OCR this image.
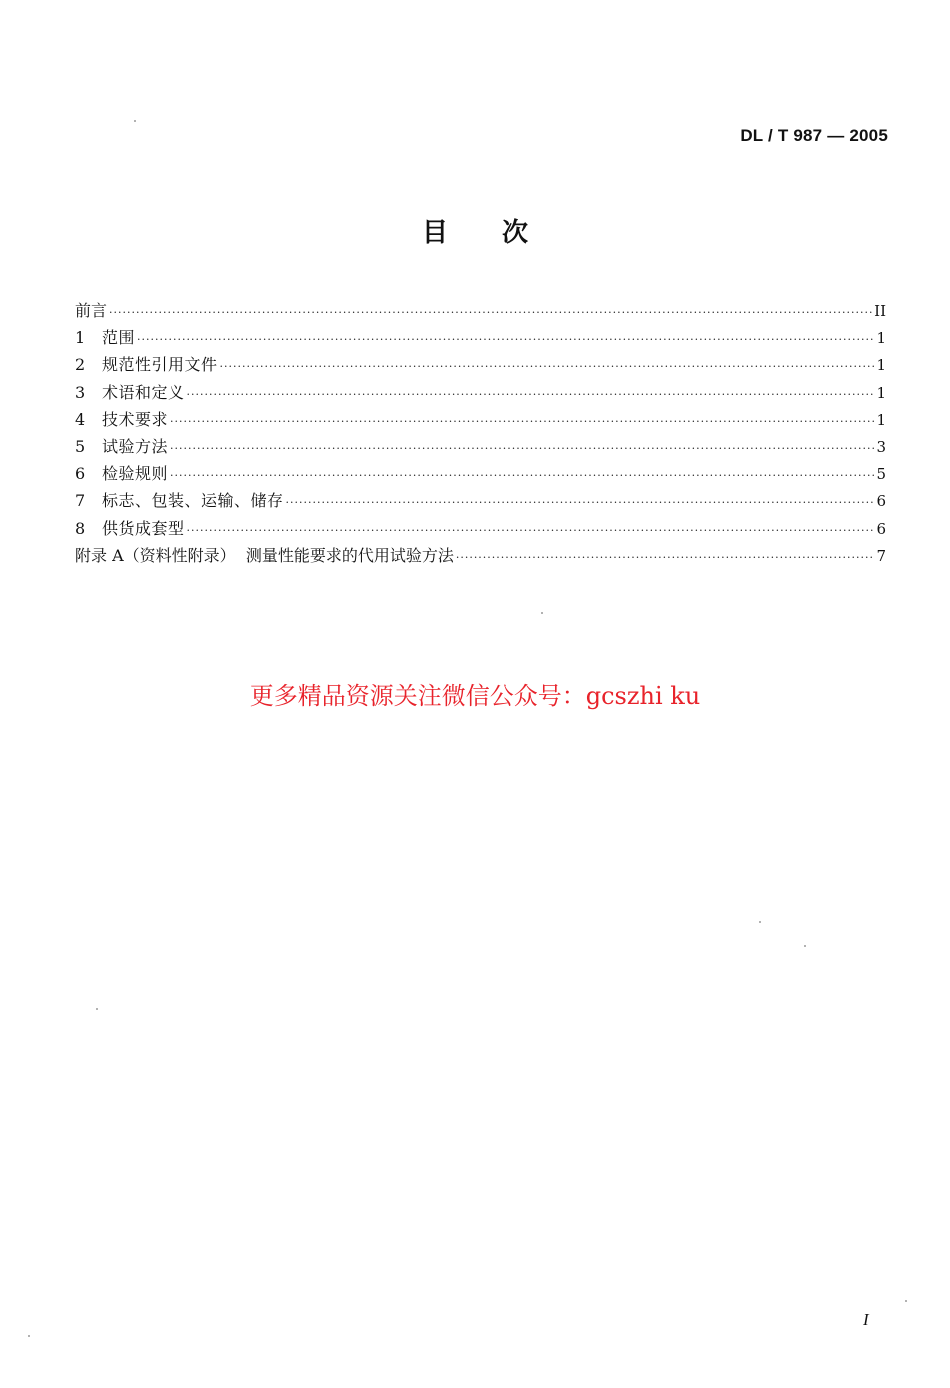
DL / T 987 — 2005
目 次
前言 ·····	II
1	范围 ·····	1
2	规范性引用文件 ·····	1
3	术语和定义 ·····	1
4	技术要求 ·····	1
5	试验方法 ·····	3
6	检验规则 ·····	5
7	标志、包装、运输、储存 ·····	6
8	供货成套型 ·····	6
附录 A（资料性附录）  测量性能要求的代用试验方法 ·····	7
更多精品资源关注微信公众号：gcszhi ku
I
